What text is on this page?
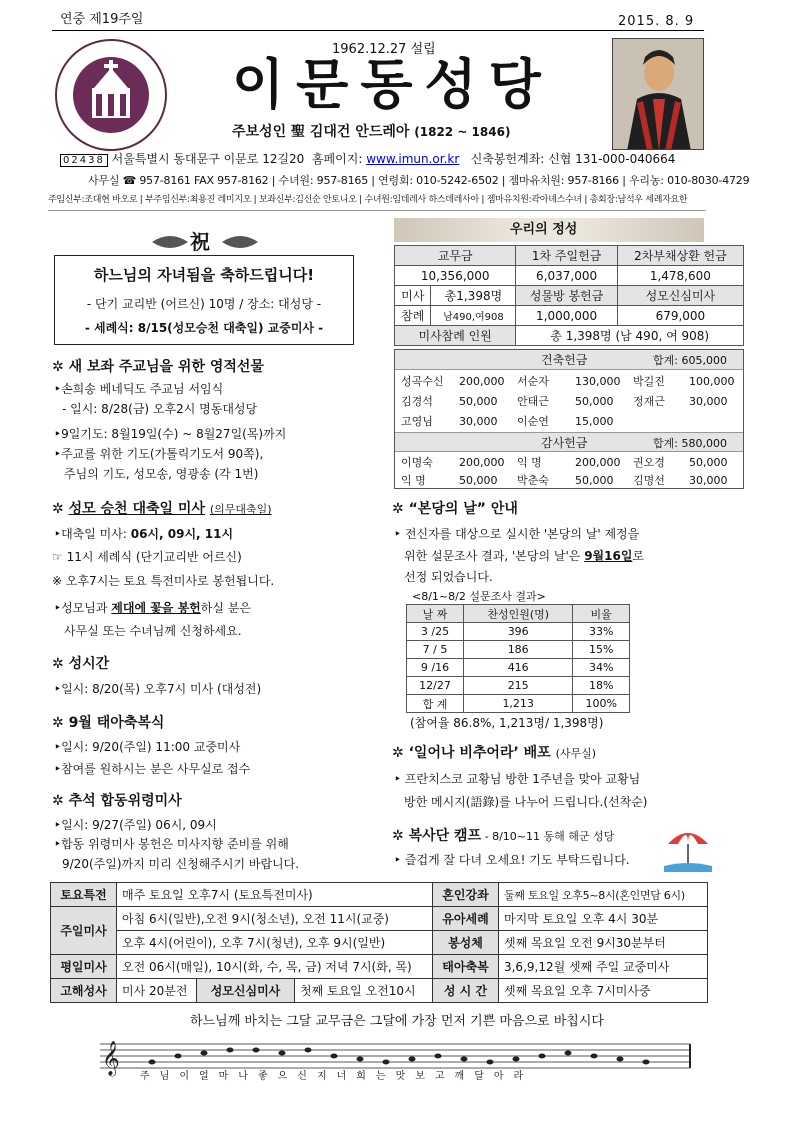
연중 제19주일	2015. 8. 9
1962.12.27 설립
이문동성당
주보성인 聖 김대건 안드레아 (1822 ~ 1846)
02438 서울특별시 동대문구 이문로 12길20 홈페이지: www.imun.or.kr 신축봉헌계좌: 신협 131-000-040664
사무실 ☎ 957-8161 FAX 957-8162 | 수녀원: 957-8165 | 연령회: 010-5242-6502 | 젬마유치원: 957-8166 | 우리농: 010-8030-4729
주임신부:조대현 바오로 | 부주임신부:최용진 레미지오 | 보좌신부:김신순 안토니오 | 수녀원:임데레사 하스데레사아 | 젬마유치원:곽아녜스수녀 | 총회장:남석우 세례자요한
祝
하느님의 자녀됨을 축하드립니다!
- 단기 교리반 (어르신) 10명 / 장소: 대성당 -
- 세례식: 8/15(성모승천 대축일) 교중미사 -
✲ 새 보좌 주교님을 위한 영적선물
‣손희송 베네딕도 주교님 서임식
- 일시: 8/28(금) 오후2시 명동대성당
‣9일기도: 8월19일(수) ~ 8월27일(목)까지
‣주교를 위한 기도(가톨릭기도서 90쪽),
주님의 기도, 성모송, 영광송 (각 1번)
✲ 성모 승천 대축일 미사 (의무대축일)
‣대축일 미사: 06시, 09시, 11시
☞ 11시 세례식 (단기교리반 어르신)
※ 오후7시는 토요 특전미사로 봉헌됩니다.
‣성모님과 제대에 꽃을 봉헌하실 분은
사무실 또는 수녀님께 신청하세요.
✲ 성시간
‣일시: 8/20(목) 오후7시 미사 (대성전)
✲ 9월 태아축복식
‣일시: 9/20(주일) 11:00 교중미사
‣참여를 원하시는 분은 사무실로 접수
✲ 추석 합동위령미사
‣일시: 9/27(주일) 06시, 09시
‣합동 위령미사 봉헌은 미사지향 준비를 위해
9/20(주일)까지 미리 신청해주시기 바랍니다.
우리의 정성
교무금		1차 주일헌금	2차부채상환 헌금
10,356,000		6,037,000	1,478,600
미사	총1,398명	성물방 봉헌금	성모신심미사
참례	남490,여908	1,000,000	679,000
미사참례 인원		총 1,398명 (남 490, 여 908)	
건축헌금	합계: 605,000
성곡수신 200,000 서순자 130,000 박길진 100,000
김경석 50,000 안태근 50,000 정재근 30,000
고영님 30,000 이순연 15,000
감사헌금	합계: 580,000
이명숙 200,000 익 명	200,000 권오경 50,000
익 명	50,000 박춘숙 50,000 김명선 30,000
✲ “본당의 날” 안내
‣ 전신자를 대상으로 실시한 '본당의 날' 제정을
위한 설문조사 결과, '본당의 날'은 9월16일로
선정 되었습니다.
<8/1~8/2 설문조사 결과>
날 짜	찬성인원(명)	비율
3 /25	396	33%
7 / 5	186	15%
9 /16	416	34%
12/27	215	18%
합 계	1,213	100%
(참여율 86.8%, 1,213명/ 1,398명)
✲ ‘일어나 비추어라’ 배포 (사무실)
‣ 프란치스코 교황님 방한 1주년을 맞아 교황님
방한 메시지(語錄)를 나누어 드립니다.(선착순)
✲ 복사단 캠프 - 8/10~11 동해 해군 성당
‣ 즐겁게 잘 다녀 오세요! 기도 부탁드립니다.
토요특전	매주 토요일 오후7시 (토요특전미사)			혼인강좌	둘째 토요일 오후5~8시(혼인면담 6시)
주일미사	아침 6시(일반),오전 9시(청소년), 오전 11시(교중)			유아세례	마지막 토요일 오후 4시 30분
	오후 4시(어린이), 오후 7시(청년), 오후 9시(일반)			봉성체	셋째 목요일 오전 9시30분부터
평일미사	오전 06시(매일), 10시(화, 수, 목, 금) 저녁 7시(화, 목)			태아축복	3,6,9,12월 셋째 주일 교중미사
고해성사	미사 20분전	성모신심미사	첫째 토요일 오전10시	성 시 간	셋째 목요일 오후 7시미사중
하느님께 바치는 그달 교무금은 그달에 가장 먼저 기쁜 마음으로 바칩시다
𝄞
주님이얼마나좋으신지너희는맛보고깨달아라
